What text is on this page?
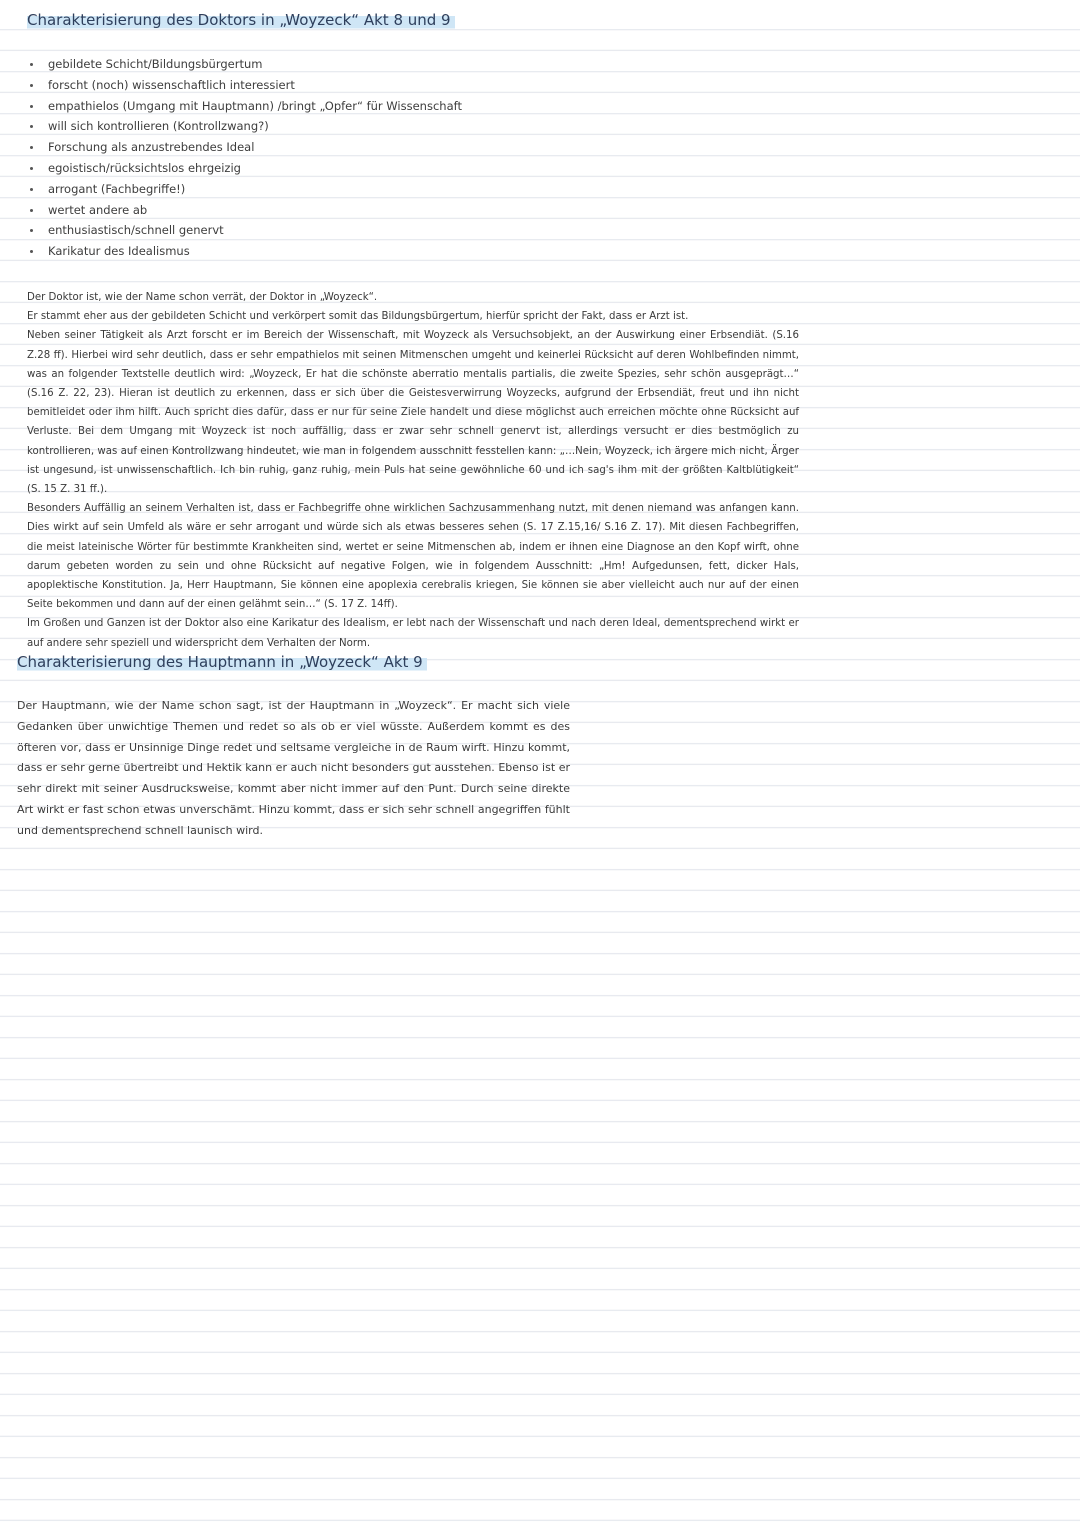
Charakterisierung des Doktors in „Woyzeck“ Akt 8 und 9
gebildete Schicht/Bildungsbürgertum
forscht (noch) wissenschaftlich interessiert
empathielos (Umgang mit Hauptmann) /bringt „Opfer“ für Wissenschaft
will sich kontrollieren (Kontrollzwang?)
Forschung als anzustrebendes Ideal
egoistisch/rücksichtslos ehrgeizig
arrogant (Fachbegriffe!)
wertet andere ab
enthusiastisch/schnell genervt
Karikatur des Idealismus
Der Doktor ist, wie der Name schon verrät, der Doktor in „Woyzeck“.
Er stammt eher aus der gebildeten Schicht und verkörpert somit das Bildungsbürgertum, hierfür spricht der Fakt, dass er Arzt ist.
Neben seiner Tätigkeit als Arzt forscht er im Bereich der Wissenschaft, mit Woyzeck als Versuchsobjekt, an der Auswirkung einer Erbsendiät. (S.16 Z.28 ff). Hierbei wird sehr deutlich, dass er sehr empathielos mit seinen Mitmenschen umgeht und keinerlei Rücksicht auf deren Wohlbefinden nimmt, was an folgender Textstelle deutlich wird: „Woyzeck, Er hat die schönste aberratio mentalis partialis, die zweite Spezies, sehr schön ausgeprägt…“ (S.16 Z. 22, 23). Hieran ist deutlich zu erkennen, dass er sich über die Geistesverwirrung Woyzecks, aufgrund der Erbsendiät, freut und ihn nicht bemitleidet oder ihm hilft. Auch spricht dies dafür, dass er nur für seine Ziele handelt und diese möglichst auch erreichen möchte ohne Rücksicht auf Verluste. Bei dem Umgang mit Woyzeck ist noch auffällig, dass er zwar sehr schnell genervt ist, allerdings versucht er dies bestmöglich zu kontrollieren, was auf einen Kontrollzwang hindeutet, wie man in folgendem ausschnitt fesstellen kann: „…Nein, Woyzeck, ich ärgere mich nicht, Ärger ist ungesund, ist unwissenschaftlich. Ich bin ruhig, ganz ruhig, mein Puls hat seine gewöhnliche 60 und ich sag's ihm mit der größten Kaltblütigkeit“ (S. 15 Z. 31 ff.).
Besonders Auffällig an seinem Verhalten ist, dass er Fachbegriffe ohne wirklichen Sachzusammenhang nutzt, mit denen niemand was anfangen kann. Dies wirkt auf sein Umfeld als wäre er sehr arrogant und würde sich als etwas besseres sehen (S. 17 Z.15,16/ S.16 Z. 17). Mit diesen Fachbegriffen, die meist lateinische Wörter für bestimmte Krankheiten sind, wertet er seine Mitmenschen ab, indem er ihnen eine Diagnose an den Kopf wirft, ohne darum gebeten worden zu sein und ohne Rücksicht auf negative Folgen, wie in folgendem Ausschnitt: „Hm! Aufgedunsen, fett, dicker Hals, apoplektische Konstitution. Ja, Herr Hauptmann, Sie können eine apoplexia cerebralis kriegen, Sie können sie aber vielleicht auch nur auf der einen Seite bekommen und dann auf der einen gelähmt sein…“ (S. 17 Z. 14ff).
Im Großen und Ganzen ist der Doktor also eine Karikatur des Idealism, er lebt nach der Wissenschaft und nach deren Ideal, dementsprechend wirkt er auf andere sehr speziell und widerspricht dem Verhalten der Norm.
Charakterisierung des Hauptmann in „Woyzeck“ Akt 9
Der Hauptmann, wie der Name schon sagt, ist der Hauptmann in „Woyzeck“. Er macht sich viele Gedanken über unwichtige Themen und redet so als ob er viel wüsste. Außerdem kommt es des öfteren vor, dass er Unsinnige Dinge redet und seltsame vergleiche in de Raum wirft. Hinzu kommt, dass er sehr gerne übertreibt und Hektik kann er auch nicht besonders gut ausstehen. Ebenso ist er sehr direkt mit seiner Ausdrucksweise, kommt aber nicht immer auf den Punt. Durch seine direkte Art wirkt er fast schon etwas unverschämt. Hinzu kommt, dass er sich sehr schnell angegriffen fühlt und dementsprechend schnell launisch wird.
